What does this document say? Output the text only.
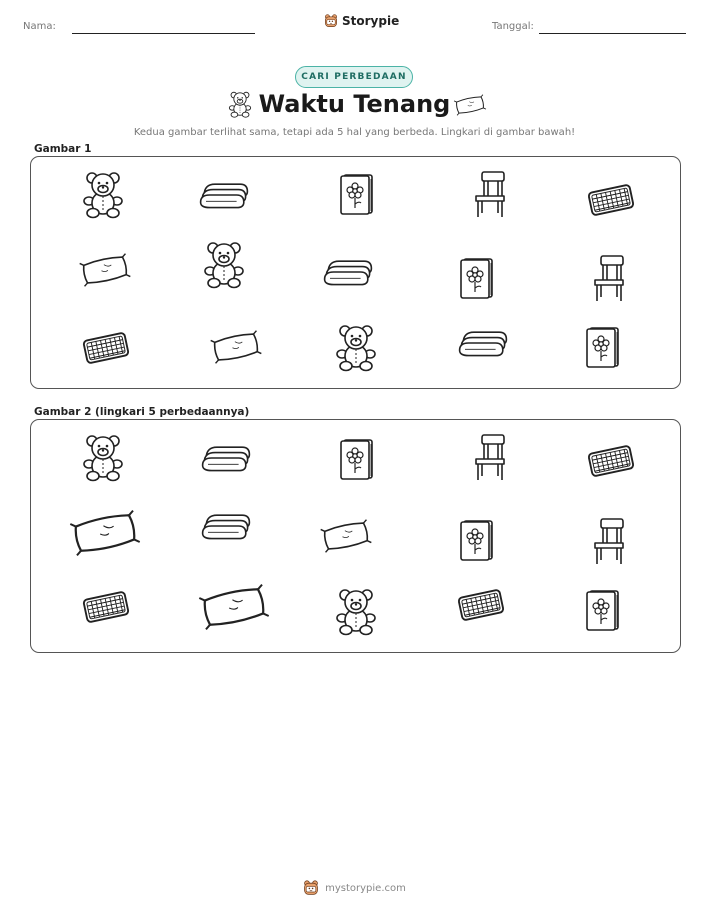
Nama:	Storypie	Tanggal:
CARI PERBEDAAN
Waktu Tenang
Kedua gambar terlihat sama, tetapi ada 5 hal yang berbeda. Lingkari di gambar bawah!
Gambar 1
Gambar 2 (lingkari 5 perbedaannya)
mystorypie.com
